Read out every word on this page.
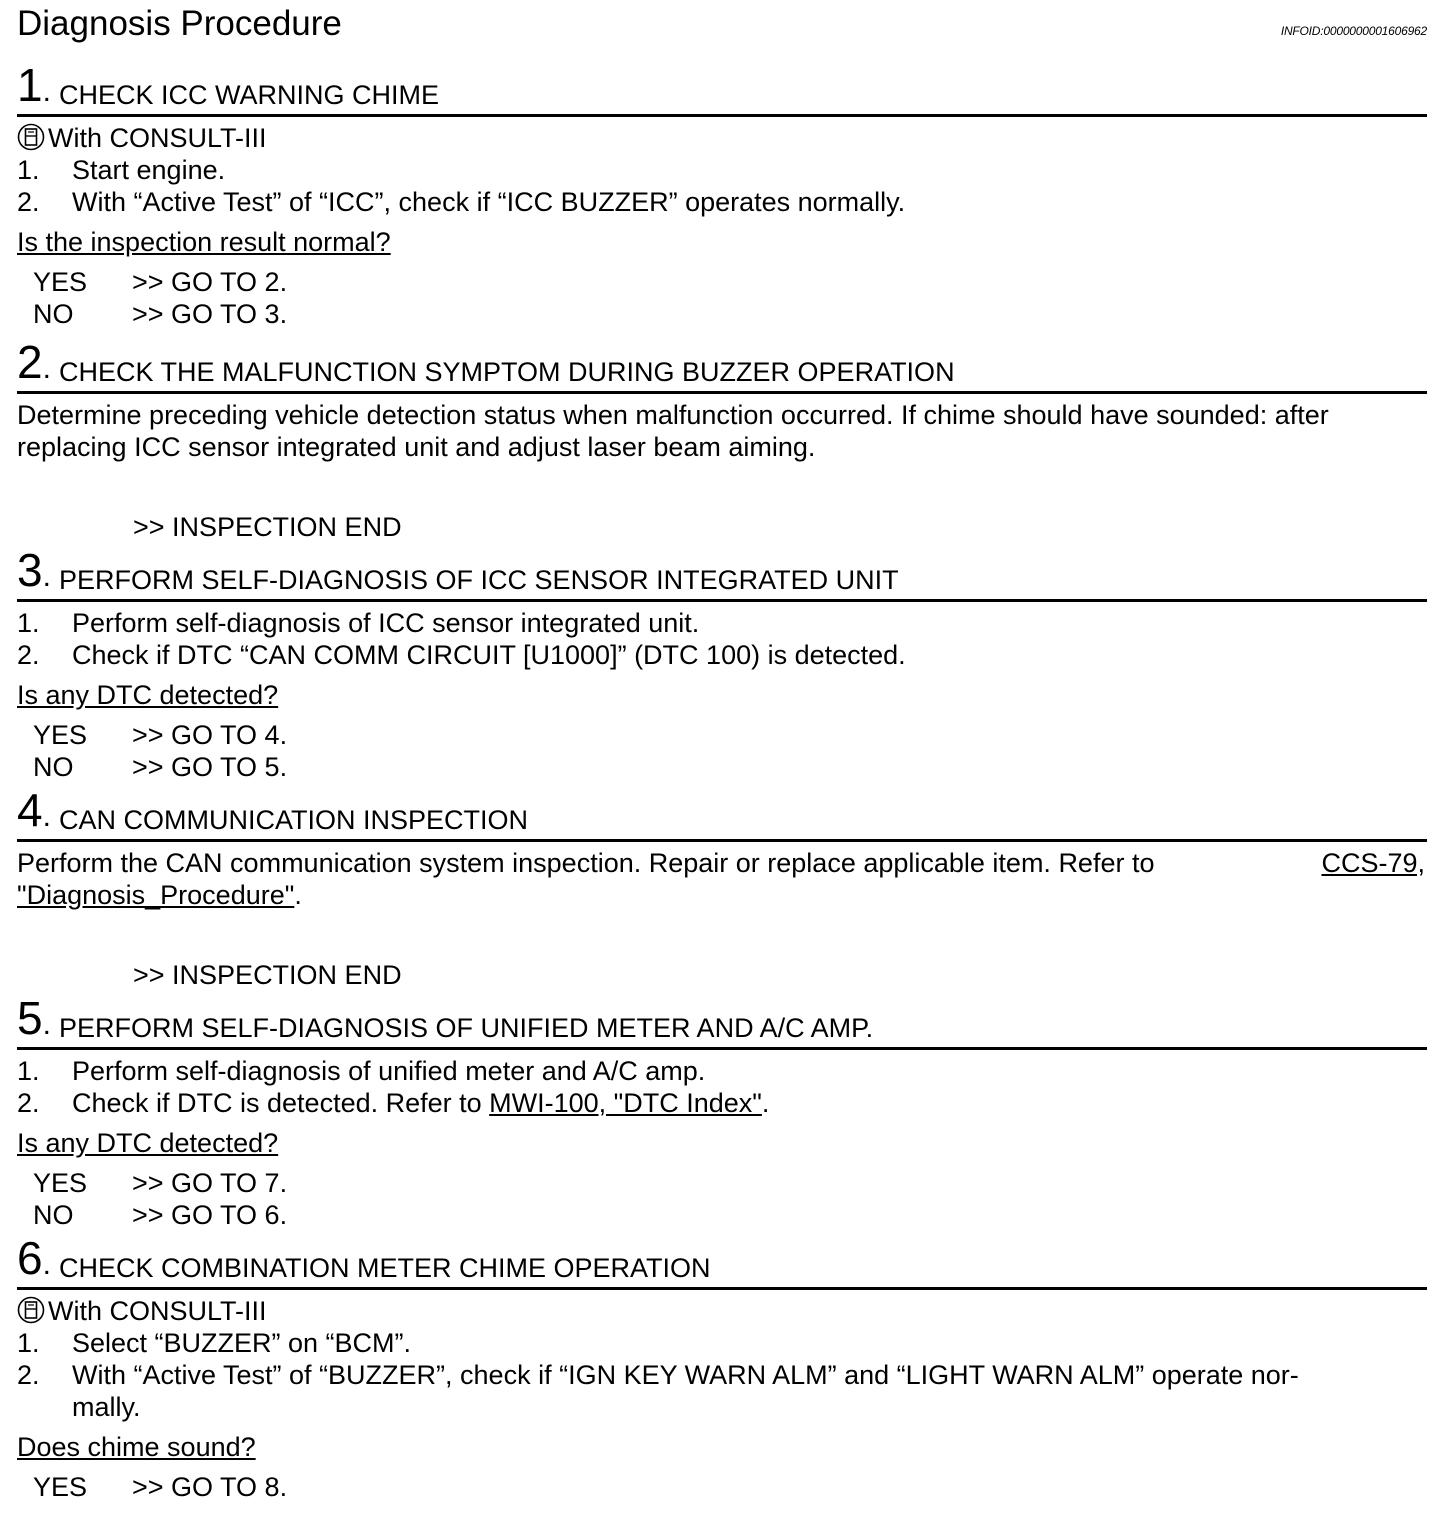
Diagnosis Procedure	INFOID:0000000001606962
1. CHECK ICC WARNING CHIME
With CONSULT-III
1. Start engine.
2. With “Active Test” of “ICC”, check if “ICC BUZZER” operates normally.
Is the inspection result normal?
YES >> GO TO 2.
NO >> GO TO 3.
2. CHECK THE MALFUNCTION SYMPTOM DURING BUZZER OPERATION
Determine preceding vehicle detection status when malfunction occurred. If chime should have sounded: after
replacing ICC sensor integrated unit and adjust laser beam aiming.
>> INSPECTION END
3. PERFORM SELF-DIAGNOSIS OF ICC SENSOR INTEGRATED UNIT
1. Perform self-diagnosis of ICC sensor integrated unit.
2. Check if DTC “CAN COMM CIRCUIT [U1000]” (DTC 100) is detected.
Is any DTC detected?
YES >> GO TO 4.
NO >> GO TO 5.
4. CAN COMMUNICATION INSPECTION
Perform the CAN communication system inspection. Repair or replace applicable item. Refer to	CCS-79,
"Diagnosis_Procedure".
>> INSPECTION END
5. PERFORM SELF-DIAGNOSIS OF UNIFIED METER AND A/C AMP.
1. Perform self-diagnosis of unified meter and A/C amp.
2. Check if DTC is detected. Refer to MWI-100, "DTC Index".
Is any DTC detected?
YES >> GO TO 7.
NO >> GO TO 6.
6. CHECK COMBINATION METER CHIME OPERATION
With CONSULT-III
1. Select “BUZZER” on “BCM”.
2. With “Active Test” of “BUZZER”, check if “IGN KEY WARN ALM” and “LIGHT WARN ALM” operate nor-
mally.
Does chime sound?
YES >> GO TO 8.
